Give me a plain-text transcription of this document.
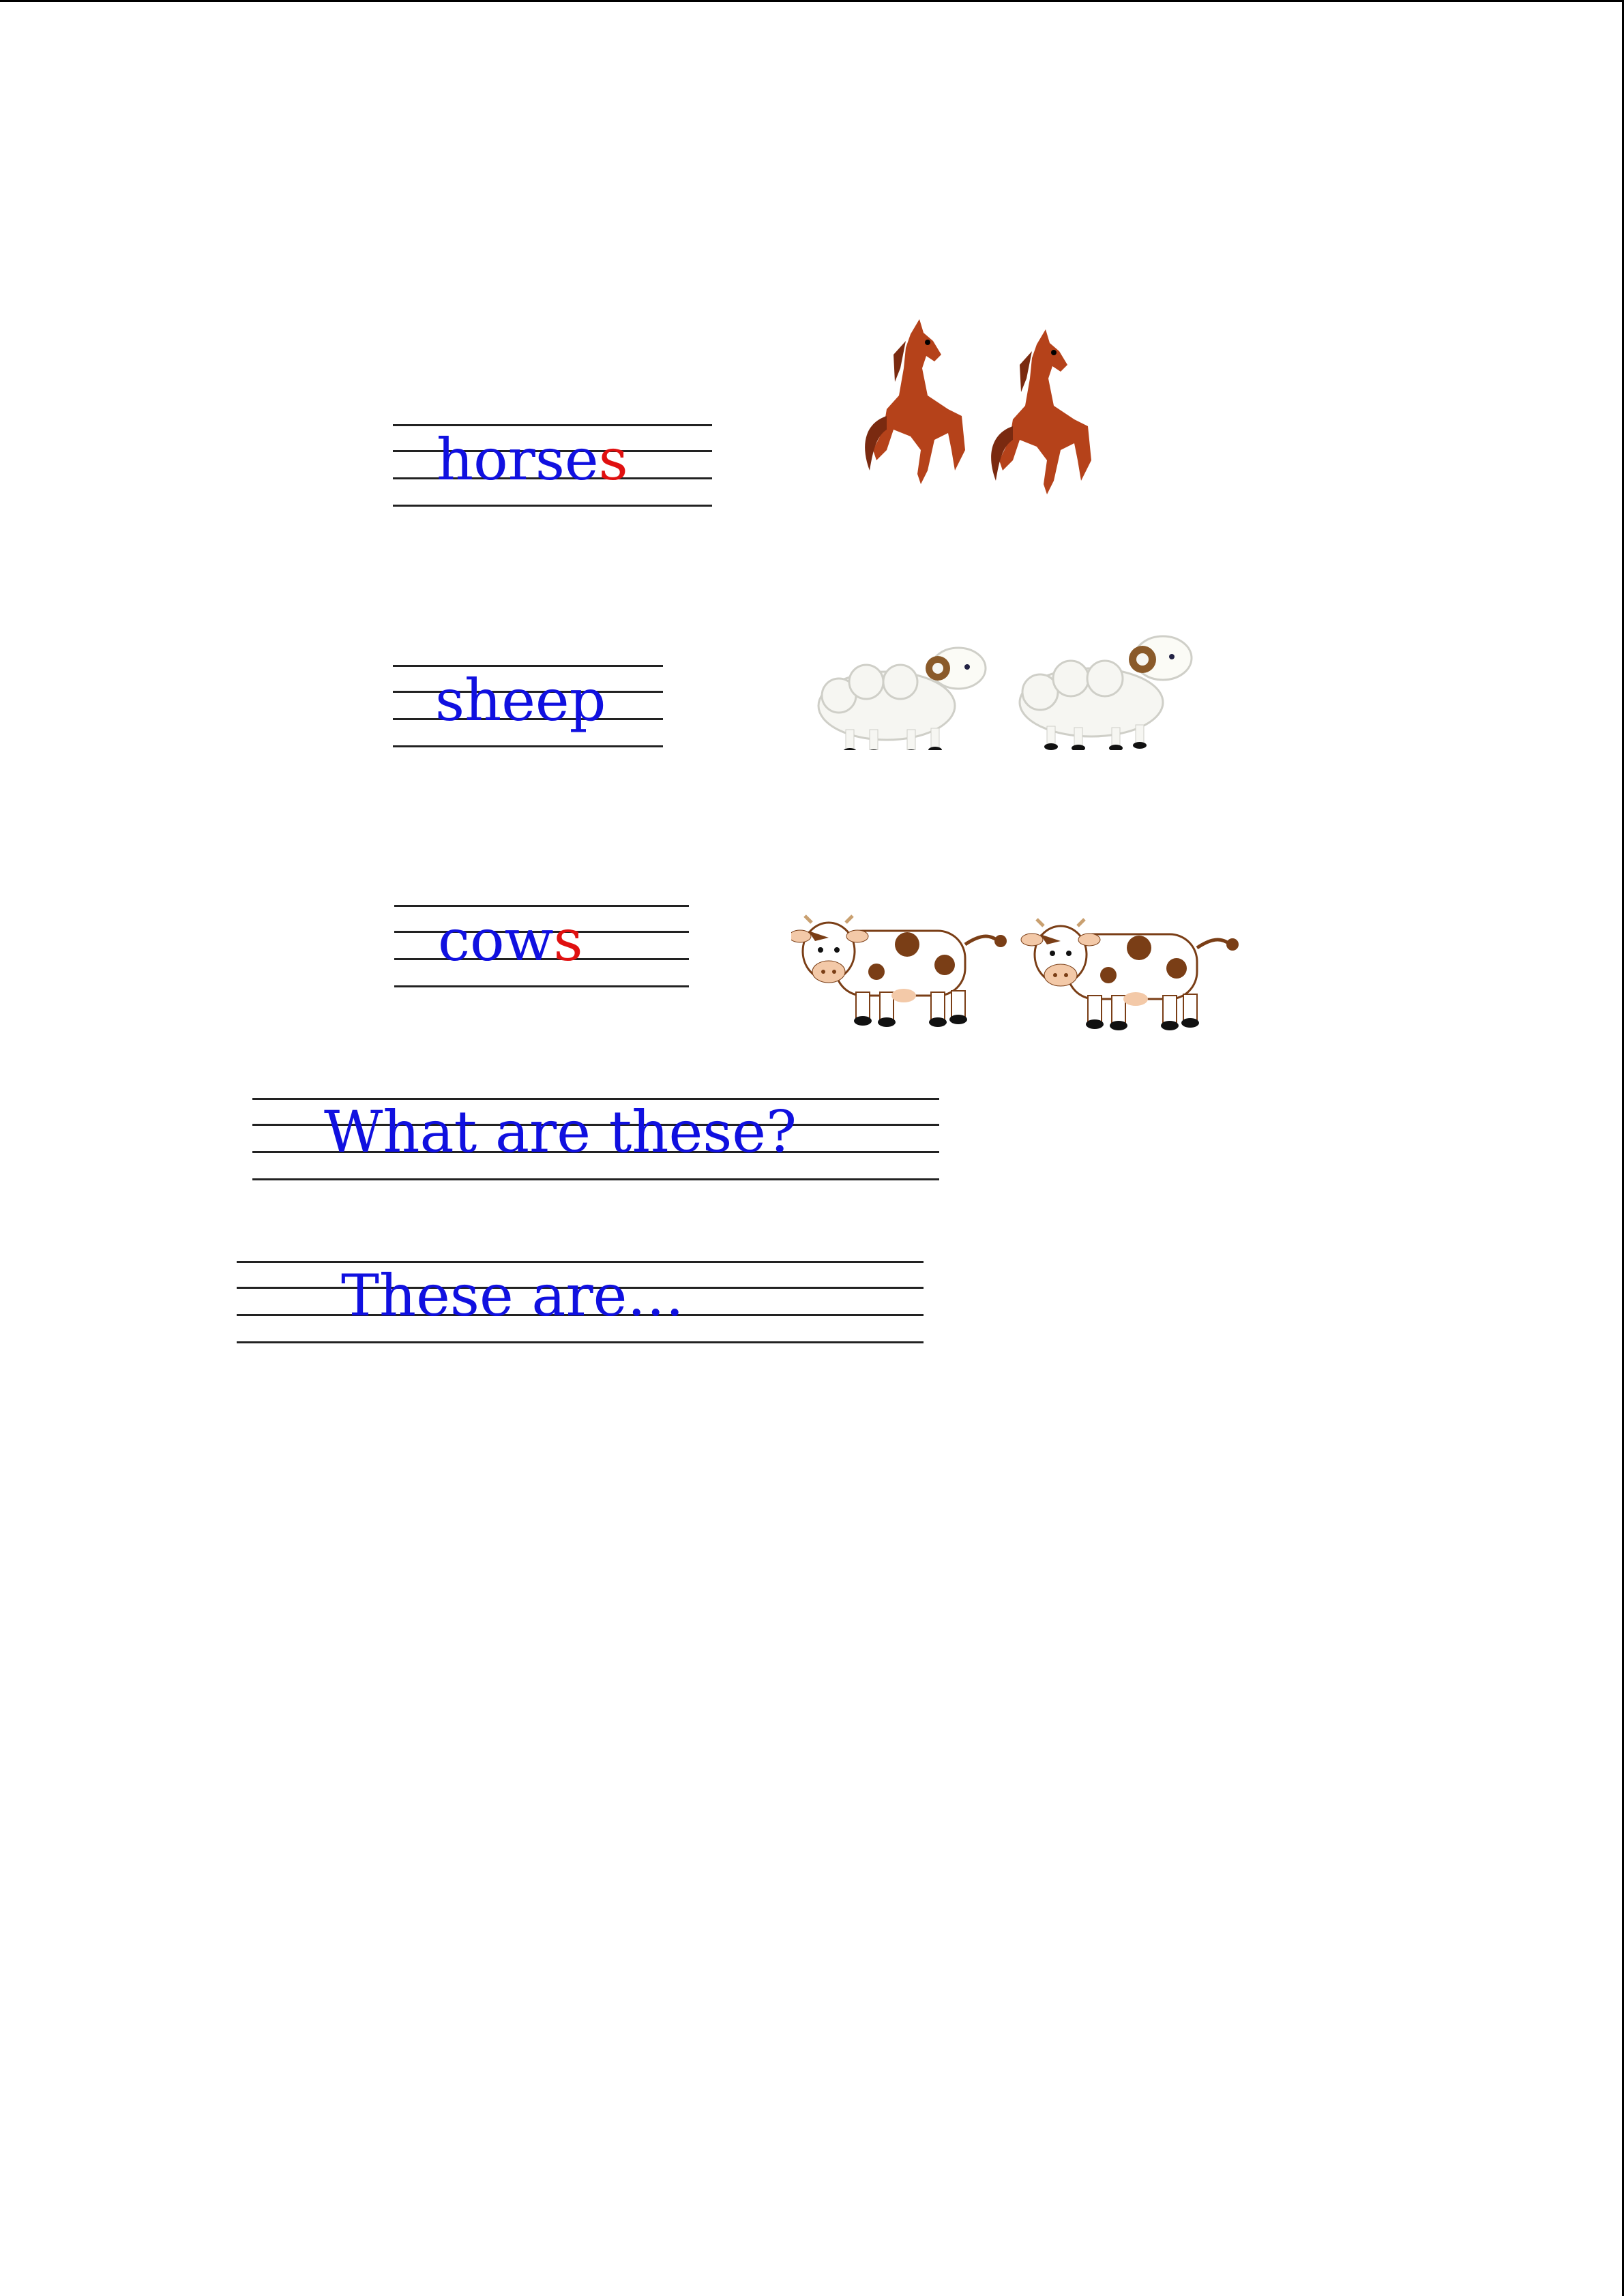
horses
sheep
cows
What are these?
These are…
